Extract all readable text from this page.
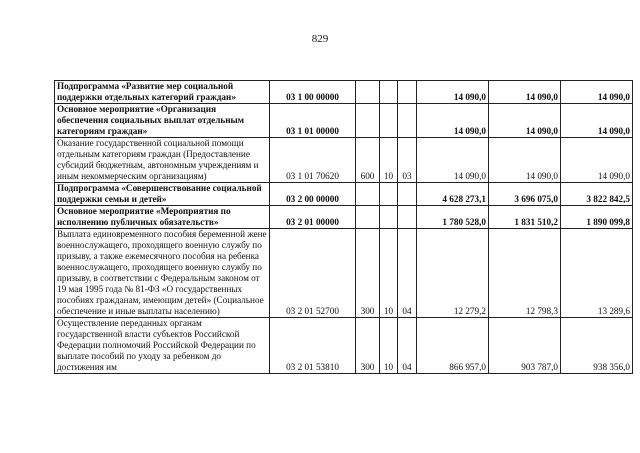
829
Подпрограмма «Развитие мер социальной поддержки отдельных категорий граждан»	03 1 00 00000				14 090,0	14 090,0	14 090,0
Основное мероприятие «Организация обеспечения социальных выплат отдельным категориям граждан»	03 1 01 00000				14 090,0	14 090,0	14 090,0
Оказание государственной социальной помощи отдельным категориям граждан (Предоставление субсидий бюджетным, автономным учреждениям и иным некоммерческим организациям)	03 1 01 70620	600	10	03	14 090,0	14 090,0	14 090,0
Подпрограмма «Совершенствование социальной поддержки семьи и детей»	03 2 00 00000				4 628 273,1	3 696 075,0	3 822 842,5
Основное мероприятие «Мероприятия по исполнению публичных обязательств»	03 2 01 00000				1 780 528,0	1 831 510,2	1 890 099,8
Выплата единовременного пособия беременной жене военнослужащего, проходящего военную службу по призыву, а также ежемесячного пособия на ребенка военнослужащего, проходящего военную службу по призыву, в соответствии с Федеральным законом от 19 мая 1995 года № 81-ФЗ «О государственных пособиях гражданам, имеющим детей» (Социальное обеспечение и иные выплаты населению)	03 2 01 52700	300	10	04	12 279,2	12 798,3	13 289,6
Осуществление переданных органам государственной власти субъектов Российской Федерации полномочий Российской Федерации по выплате пособий по уходу за ребенком до достижения им	03 2 01 53810	300	10	04	866 957,0	903 787,0	938 356,0
